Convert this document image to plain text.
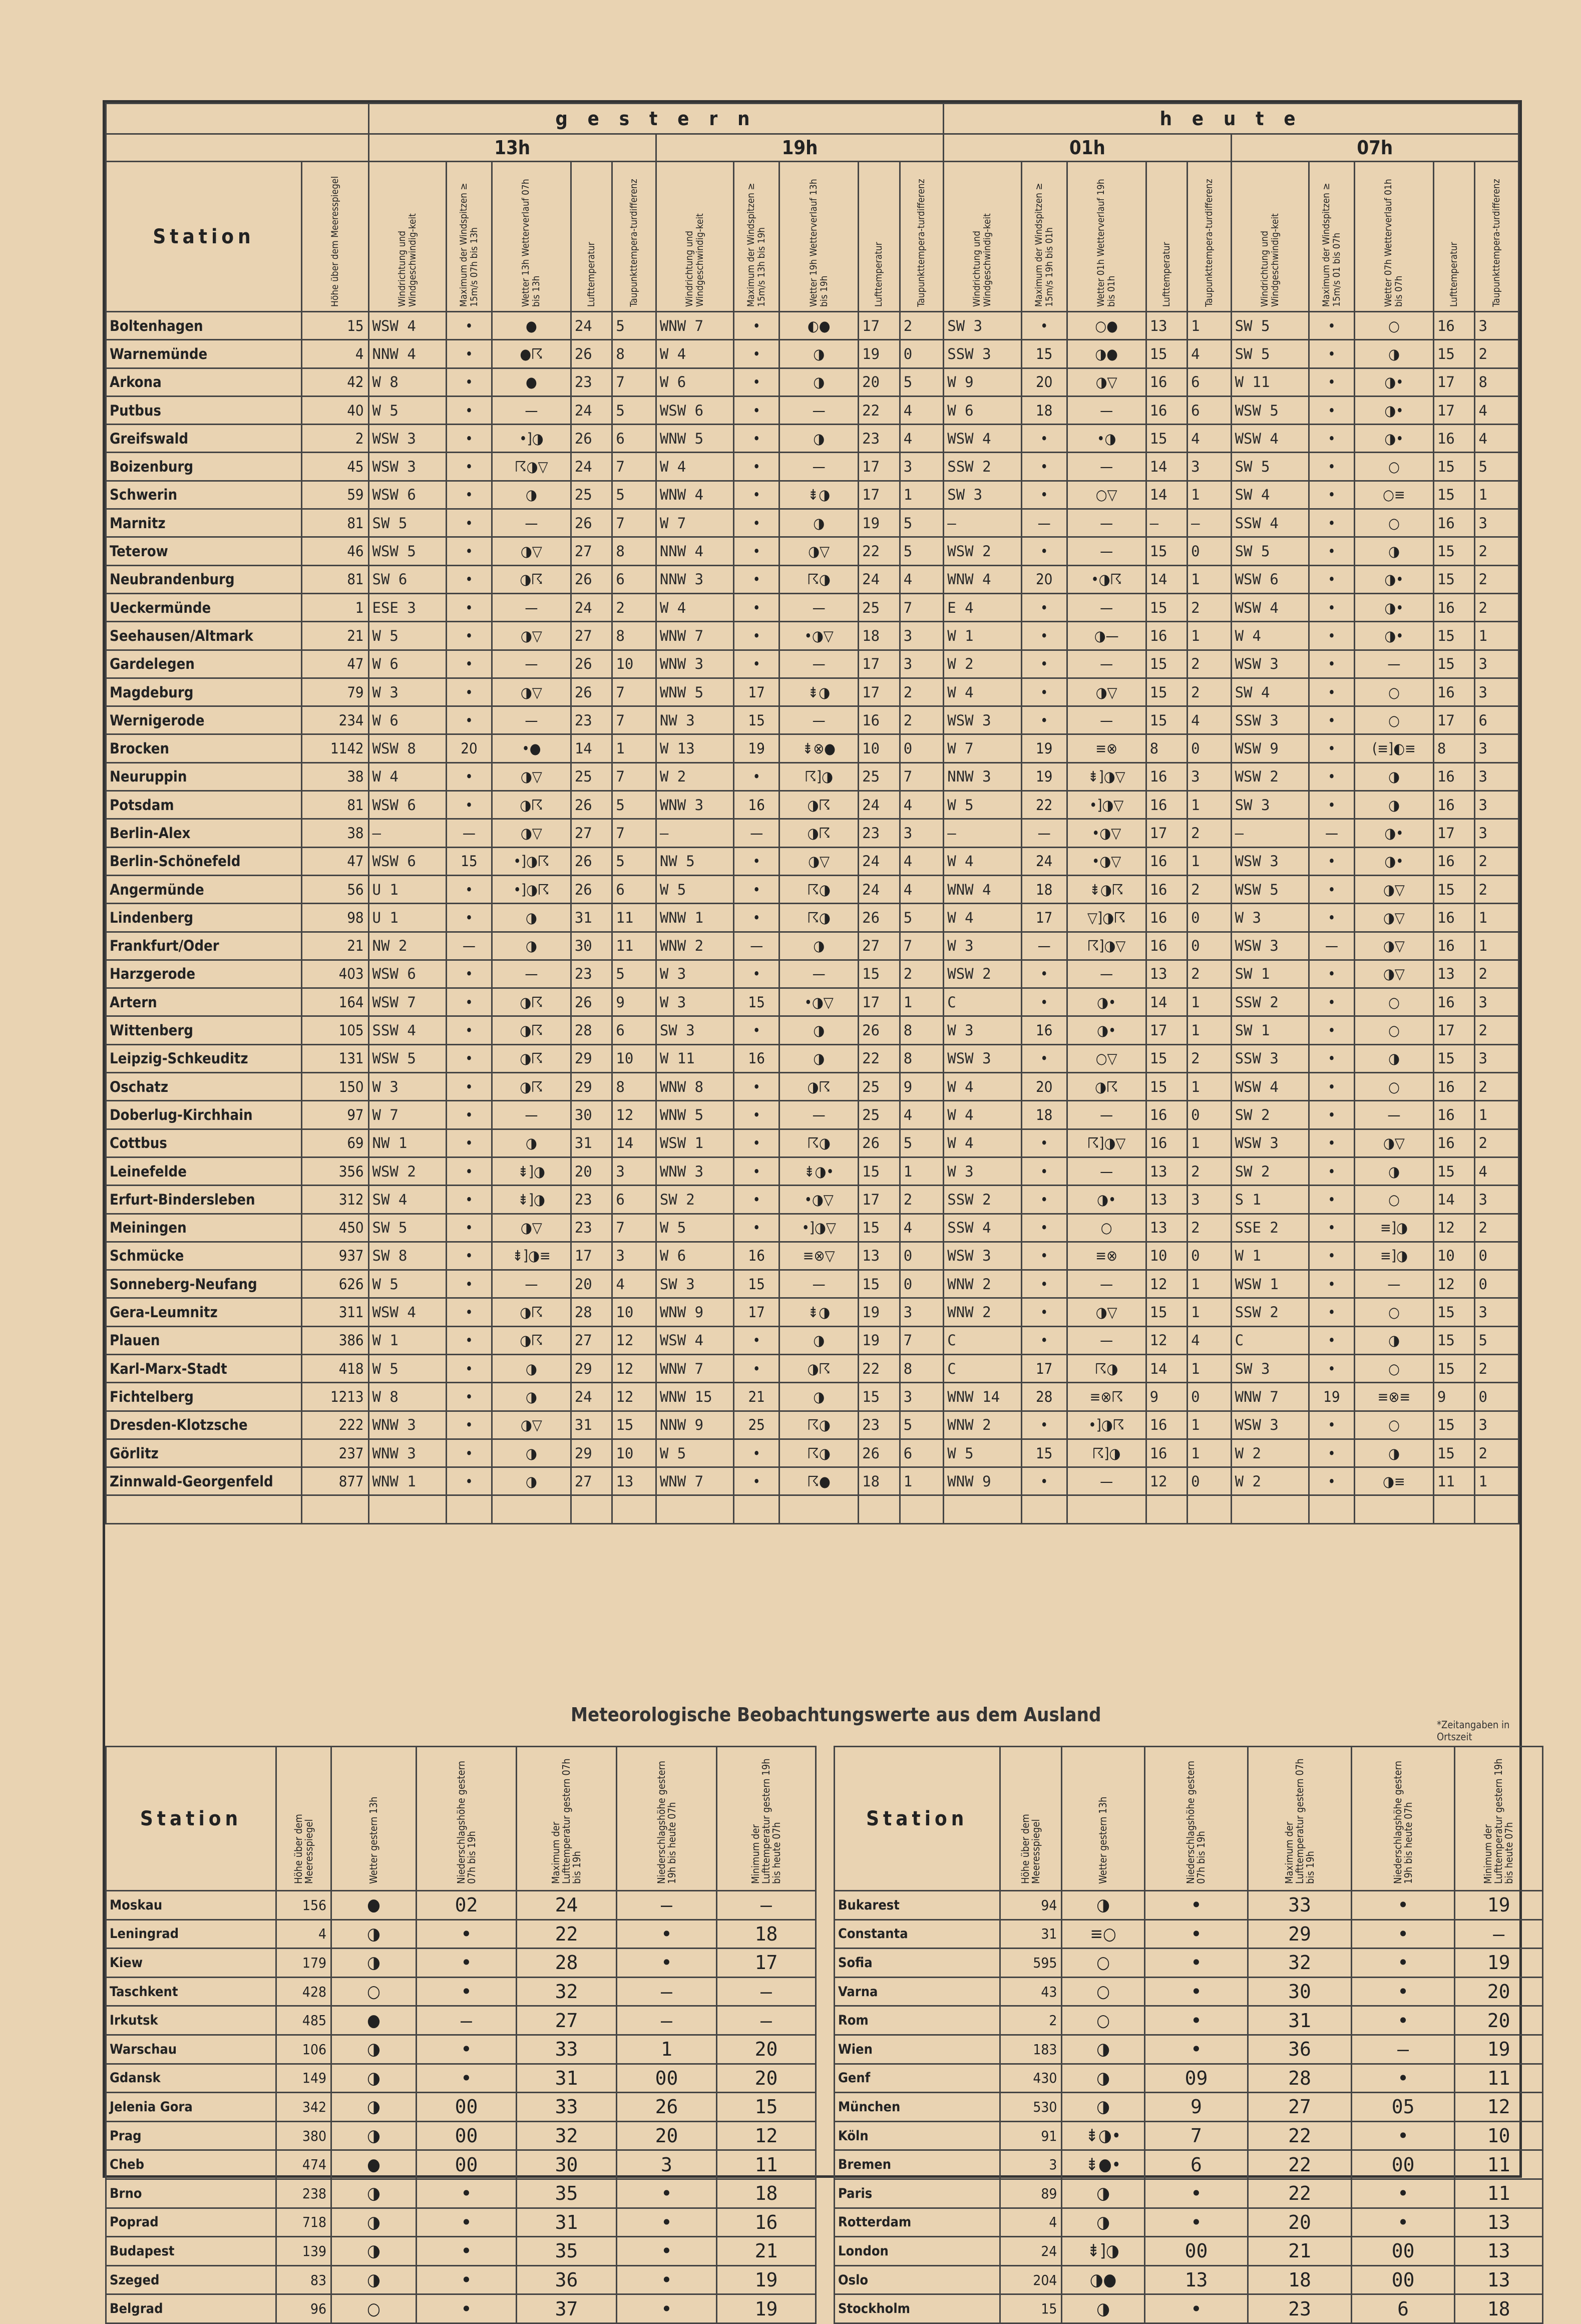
		g e s t e r n										h e u t e									
		13h					19h					01h					07h				
Station	Höhe über dem Meeresspiegel	Windrichtung und Windgeschwindig-keit	Maximum der Windspitzen ≥ 15m/s 07h bis 13h	Wetter 13h Wetterverlauf 07h bis 13h	Lufttemperatur	Taupunkttempera-turdifferenz	Windrichtung und Windgeschwindig-keit	Maximum der Windspitzen ≥ 15m/s 13h bis 19h	Wetter 19h Wetterverlauf 13h bis 19h	Lufttemperatur	Taupunkttempera-turdifferenz	Windrichtung und Windgeschwindig-keit	Maximum der Windspitzen ≥ 15m/s 19h bis 01h	Wetter 01h Wetterverlauf 19h bis 01h	Lufttemperatur	Taupunkttempera-turdifferenz	Windrichtung und Windgeschwindig-keit	Maximum der Windspitzen ≥ 15m/s 01 bis 07h	Wetter 07h Wetterverlauf 01h bis 07h	Lufttemperatur	Taupunkttempera-turdifferenz

Boltenhagen	15	WSW 4	•	●	24	5	WNW 7	•	◐●	17	2	SW 3	•	○●	13	1	SW 5	•	○	16	3
Warnemünde	4	NNW 4	•	●☈	26	8	W 4	•	◑	19	0	SSW 3	15	◑●	15	4	SW 5	•	◑	15	2
Arkona	42	W 8	•	●	23	7	W 6	•	◑	20	5	W 9	20	◑▽	16	6	W 11	•	◑•	17	8
Putbus	40	W 5	•	—	24	5	WSW 6	•	—	22	4	W 6	18	—	16	6	WSW 5	•	◑•	17	4
Greifswald	2	WSW 3	•	•]◑	26	6	WNW 5	•	◑	23	4	WSW 4	•	•◑	15	4	WSW 4	•	◑•	16	4
Boizenburg	45	WSW 3	•	☈◑▽	24	7	W 4	•	—	17	3	SSW 2	•	—	14	3	SW 5	•	○	15	5
Schwerin	59	WSW 6	•	◑	25	5	WNW 4	•	⇟◑	17	1	SW 3	•	○▽	14	1	SW 4	•	○≡	15	1
Marnitz	81	SW 5	•	—	26	7	W 7	•	◑	19	5	—	—	—	—	—	SSW 4	•	○	16	3
Teterow	46	WSW 5	•	◑▽	27	8	NNW 4	•	◑▽	22	5	WSW 2	•	—	15	0	SW 5	•	◑	15	2
Neubrandenburg	81	SW 6	•	◑☈	26	6	NNW 3	•	☈◑	24	4	WNW 4	20	•◑☈	14	1	WSW 6	•	◑•	15	2
Ueckermünde	1	ESE 3	•	—	24	2	W 4	•	—	25	7	E 4	•	—	15	2	WSW 4	•	◑•	16	2
Seehausen/Altmark	21	W 5	•	◑▽	27	8	WNW 7	•	•◑▽	18	3	W 1	•	◑—	16	1	W 4	•	◑•	15	1
Gardelegen	47	W 6	•	—	26	10	WNW 3	•	—	17	3	W 2	•	—	15	2	WSW 3	•	—	15	3
Magdeburg	79	W 3	•	◑▽	26	7	WNW 5	17	⇟◑	17	2	W 4	•	◑▽	15	2	SW 4	•	○	16	3
Wernigerode	234	W 6	•	—	23	7	NW 3	15	—	16	2	WSW 3	•	—	15	4	SSW 3	•	○	17	6
Brocken	1142	WSW 8	20	•●	14	1	W 13	19	⇟⊗●	10	0	W 7	19	≡⊗	8	0	WSW 9	•	(≡]◐≡	8	3
Neuruppin	38	W 4	•	◑▽	25	7	W 2	•	☈]◑	25	7	NNW 3	19	⇟]◑▽	16	3	WSW 2	•	◑	16	3
Potsdam	81	WSW 6	•	◑☈	26	5	WNW 3	16	◑☈	24	4	W 5	22	•]◑▽	16	1	SW 3	•	◑	16	3
Berlin-Alex	38	—	—	◑▽	27	7	—	—	◑☈	23	3	—	—	•◑▽	17	2	—	—	◑•	17	3
Berlin-Schönefeld	47	WSW 6	15	•]◑☈	26	5	NW 5	•	◑▽	24	4	W 4	24	•◑▽	16	1	WSW 3	•	◑•	16	2
Angermünde	56	U 1	•	•]◑☈	26	6	W 5	•	☈◑	24	4	WNW 4	18	⇟◑☈	16	2	WSW 5	•	◑▽	15	2
Lindenberg	98	U 1	•	◑	31	11	WNW 1	•	☈◑	26	5	W 4	17	▽]◑☈	16	0	W 3	•	◑▽	16	1
Frankfurt/Oder	21	NW 2	—	◑	30	11	WNW 2	—	◑	27	7	W 3	—	☈]◑▽	16	0	WSW 3	—	◑▽	16	1
Harzgerode	403	WSW 6	•	—	23	5	W 3	•	—	15	2	WSW 2	•	—	13	2	SW 1	•	◑▽	13	2
Artern	164	WSW 7	•	◑☈	26	9	W 3	15	•◑▽	17	1	C	•	◑•	14	1	SSW 2	•	○	16	3
Wittenberg	105	SSW 4	•	◑☈	28	6	SW 3	•	◑	26	8	W 3	16	◑•	17	1	SW 1	•	○	17	2
Leipzig-Schkeuditz	131	WSW 5	•	◑☈	29	10	W 11	16	◑	22	8	WSW 3	•	○▽	15	2	SSW 3	•	◑	15	3
Oschatz	150	W 3	•	◑☈	29	8	WNW 8	•	◑☈	25	9	W 4	20	◑☈	15	1	WSW 4	•	○	16	2
Doberlug-Kirchhain	97	W 7	•	—	30	12	WNW 5	•	—	25	4	W 4	18	—	16	0	SW 2	•	—	16	1
Cottbus	69	NW 1	•	◑	31	14	WSW 1	•	☈◑	26	5	W 4	•	☈]◑▽	16	1	WSW 3	•	◑▽	16	2
Leinefelde	356	WSW 2	•	⇟]◑	20	3	WNW 3	•	⇟◑•	15	1	W 3	•	—	13	2	SW 2	•	◑	15	4
Erfurt-Bindersleben	312	SW 4	•	⇟]◑	23	6	SW 2	•	•◑▽	17	2	SSW 2	•	◑•	13	3	S 1	•	○	14	3
Meiningen	450	SW 5	•	◑▽	23	7	W 5	•	•]◑▽	15	4	SSW 4	•	○	13	2	SSE 2	•	≡]◑	12	2
Schmücke	937	SW 8	•	⇟]◑≡	17	3	W 6	16	≡⊗▽	13	0	WSW 3	•	≡⊗	10	0	W 1	•	≡]◑	10	0
Sonneberg-Neufang	626	W 5	•	—	20	4	SW 3	15	—	15	0	WNW 2	•	—	12	1	WSW 1	•	—	12	0
Gera-Leumnitz	311	WSW 4	•	◑☈	28	10	WNW 9	17	⇟◑	19	3	WNW 2	•	◑▽	15	1	SSW 2	•	○	15	3
Plauen	386	W 1	•	◑☈	27	12	WSW 4	•	◑	19	7	C	•	—	12	4	C	•	◑	15	5
Karl-Marx-Stadt	418	W 5	•	◑	29	12	WNW 7	•	◑☈	22	8	C	17	☈◑	14	1	SW 3	•	○	15	2
Fichtelberg	1213	W 8	•	◑	24	12	WNW 15	21	◑	15	3	WNW 14	28	≡⊗☈	9	0	WNW 7	19	≡⊗≡	9	0
Dresden-Klotzsche	222	WNW 3	•	◑▽	31	15	NNW 9	25	☈◑	23	5	WNW 2	•	•]◑☈	16	1	WSW 3	•	○	15	3
Görlitz	237	WNW 3	•	◑	29	10	W 5	•	☈◑	26	6	W 5	15	☈]◑	16	1	W 2	•	◑	15	2
Zinnwald-Georgenfeld	877	WNW 1	•	◑	27	13	WNW 7	•	☈●	18	1	WNW 9	•	—	12	0	W 2	•	◑≡	11	1

Meteorologische Beobachtungswerte aus dem Ausland	*Zeitangaben in Ortszeit
Station	Höhe über dem Meeresspiegel	Wetter gestern 13h	Niederschlagshöhe gestern 07h bis 19h	Maximum der Lufttemperatur gestern 07h bis 19h	Niederschlagshöhe gestern 19h bis heute 07h	Minimum der Lufttemperatur gestern 19h bis heute 07h

Moskau	156	●	02	24	—	—
Leningrad	4	◑	•	22	•	18
Kiew	179	◑	•	28	•	17
Taschkent	428	○	•	32	—	—
Irkutsk	485	●	—	27	—	—
Warschau	106	◑	•	33	1	20
Gdansk	149	◑	•	31	00	20
Jelenia Gora	342	◑	00	33	26	15
Prag	380	◑	00	32	20	12
Cheb	474	●	00	30	3	11
Brno	238	◑	•	35	•	18
Poprad	718	◑	•	31	•	16
Budapest	139	◑	•	35	•	21
Szeged	83	◑	•	36	•	19
Belgrad	96	○	•	37	•	19
Station	Höhe über dem Meeresspiegel	Wetter gestern 13h	Niederschlagshöhe gestern 07h bis 19h	Maximum der Lufttemperatur gestern 07h bis 19h	Niederschlagshöhe gestern 19h bis heute 07h	Minimum der Lufttemperatur gestern 19h bis heute 07h

Bukarest	94	◑	•	33	•	19
Constanta	31	≡○	•	29	•	—
Sofia	595	○	•	32	•	19
Varna	43	○	•	30	•	20
Rom	2	○	•	31	•	20
Wien	183	◑	•	36	—	19
Genf	430	◑	09	28	•	11
München	530	◑	9	27	05	12
Köln	91	⇟◑•	7	22	•	10
Bremen	3	⇟●•	6	22	00	11
Paris	89	◑	•	22	•	11
Rotterdam	4	◑	•	20	•	13
London	24	⇟]◑	00	21	00	13
Oslo	204	◑●	13	18	00	13
Stockholm	15	◑	•	23	6	18
